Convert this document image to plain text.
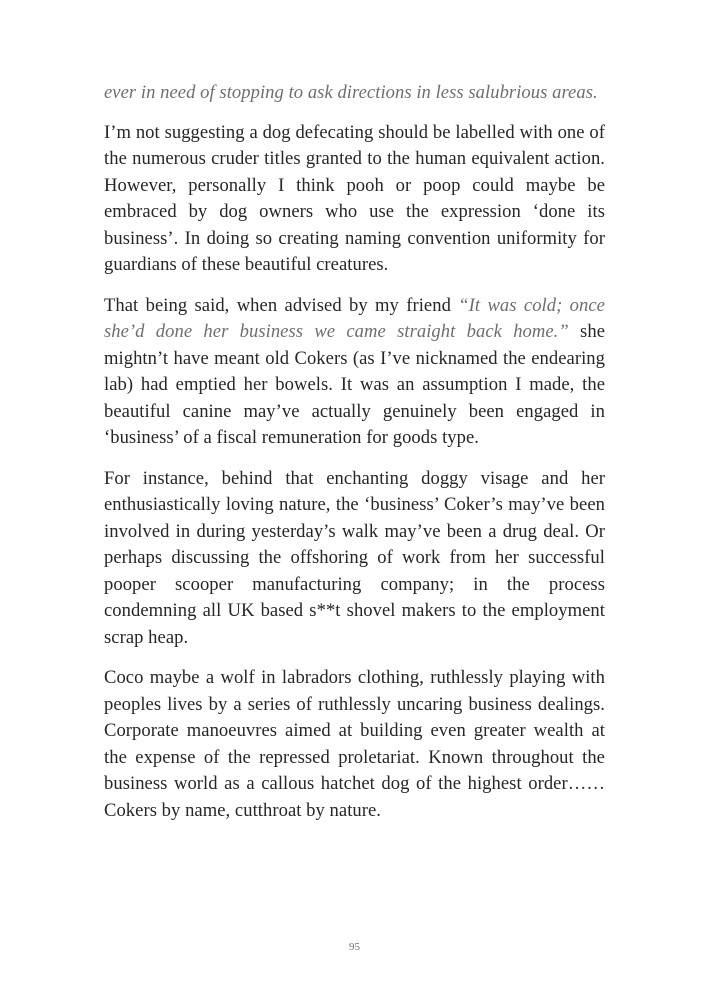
ever in need of stopping to ask directions in less salubrious areas.

I’m not suggesting a dog defecating should be labelled with one of the numerous cruder titles granted to the human equivalent action. However, personally I think pooh or poop could maybe be embraced by dog owners who use the expression ‘done its business’. In doing so creating naming convention uniformity for guardians of these beautiful creatures.

That being said, when advised by my friend “It was cold; once she’d done her business we came straight back home.” she mightn’t have meant old Cokers (as I’ve nicknamed the endearing lab) had emptied her bowels. It was an assumption I made, the beautiful canine may’ve actually genuinely been engaged in ‘business’ of a fiscal remuneration for goods type.

For instance, behind that enchanting doggy visage and her enthusiastically loving nature, the ‘business’ Coker’s may’ve been involved in during yesterday’s walk may’ve been a drug deal. Or perhaps discussing the offshoring of work from her successful pooper scooper manufacturing company; in the process condemning all UK based s**t shovel makers to the employment scrap heap.

Coco maybe a wolf in labradors clothing, ruthlessly playing with peoples lives by a series of ruthlessly uncaring business dealings. Corporate manoeuvres aimed at building even greater wealth at the expense of the repressed proletariat. Known throughout the business world as a callous hatchet dog of the highest order…… Cokers by name, cutthroat by nature.

95
